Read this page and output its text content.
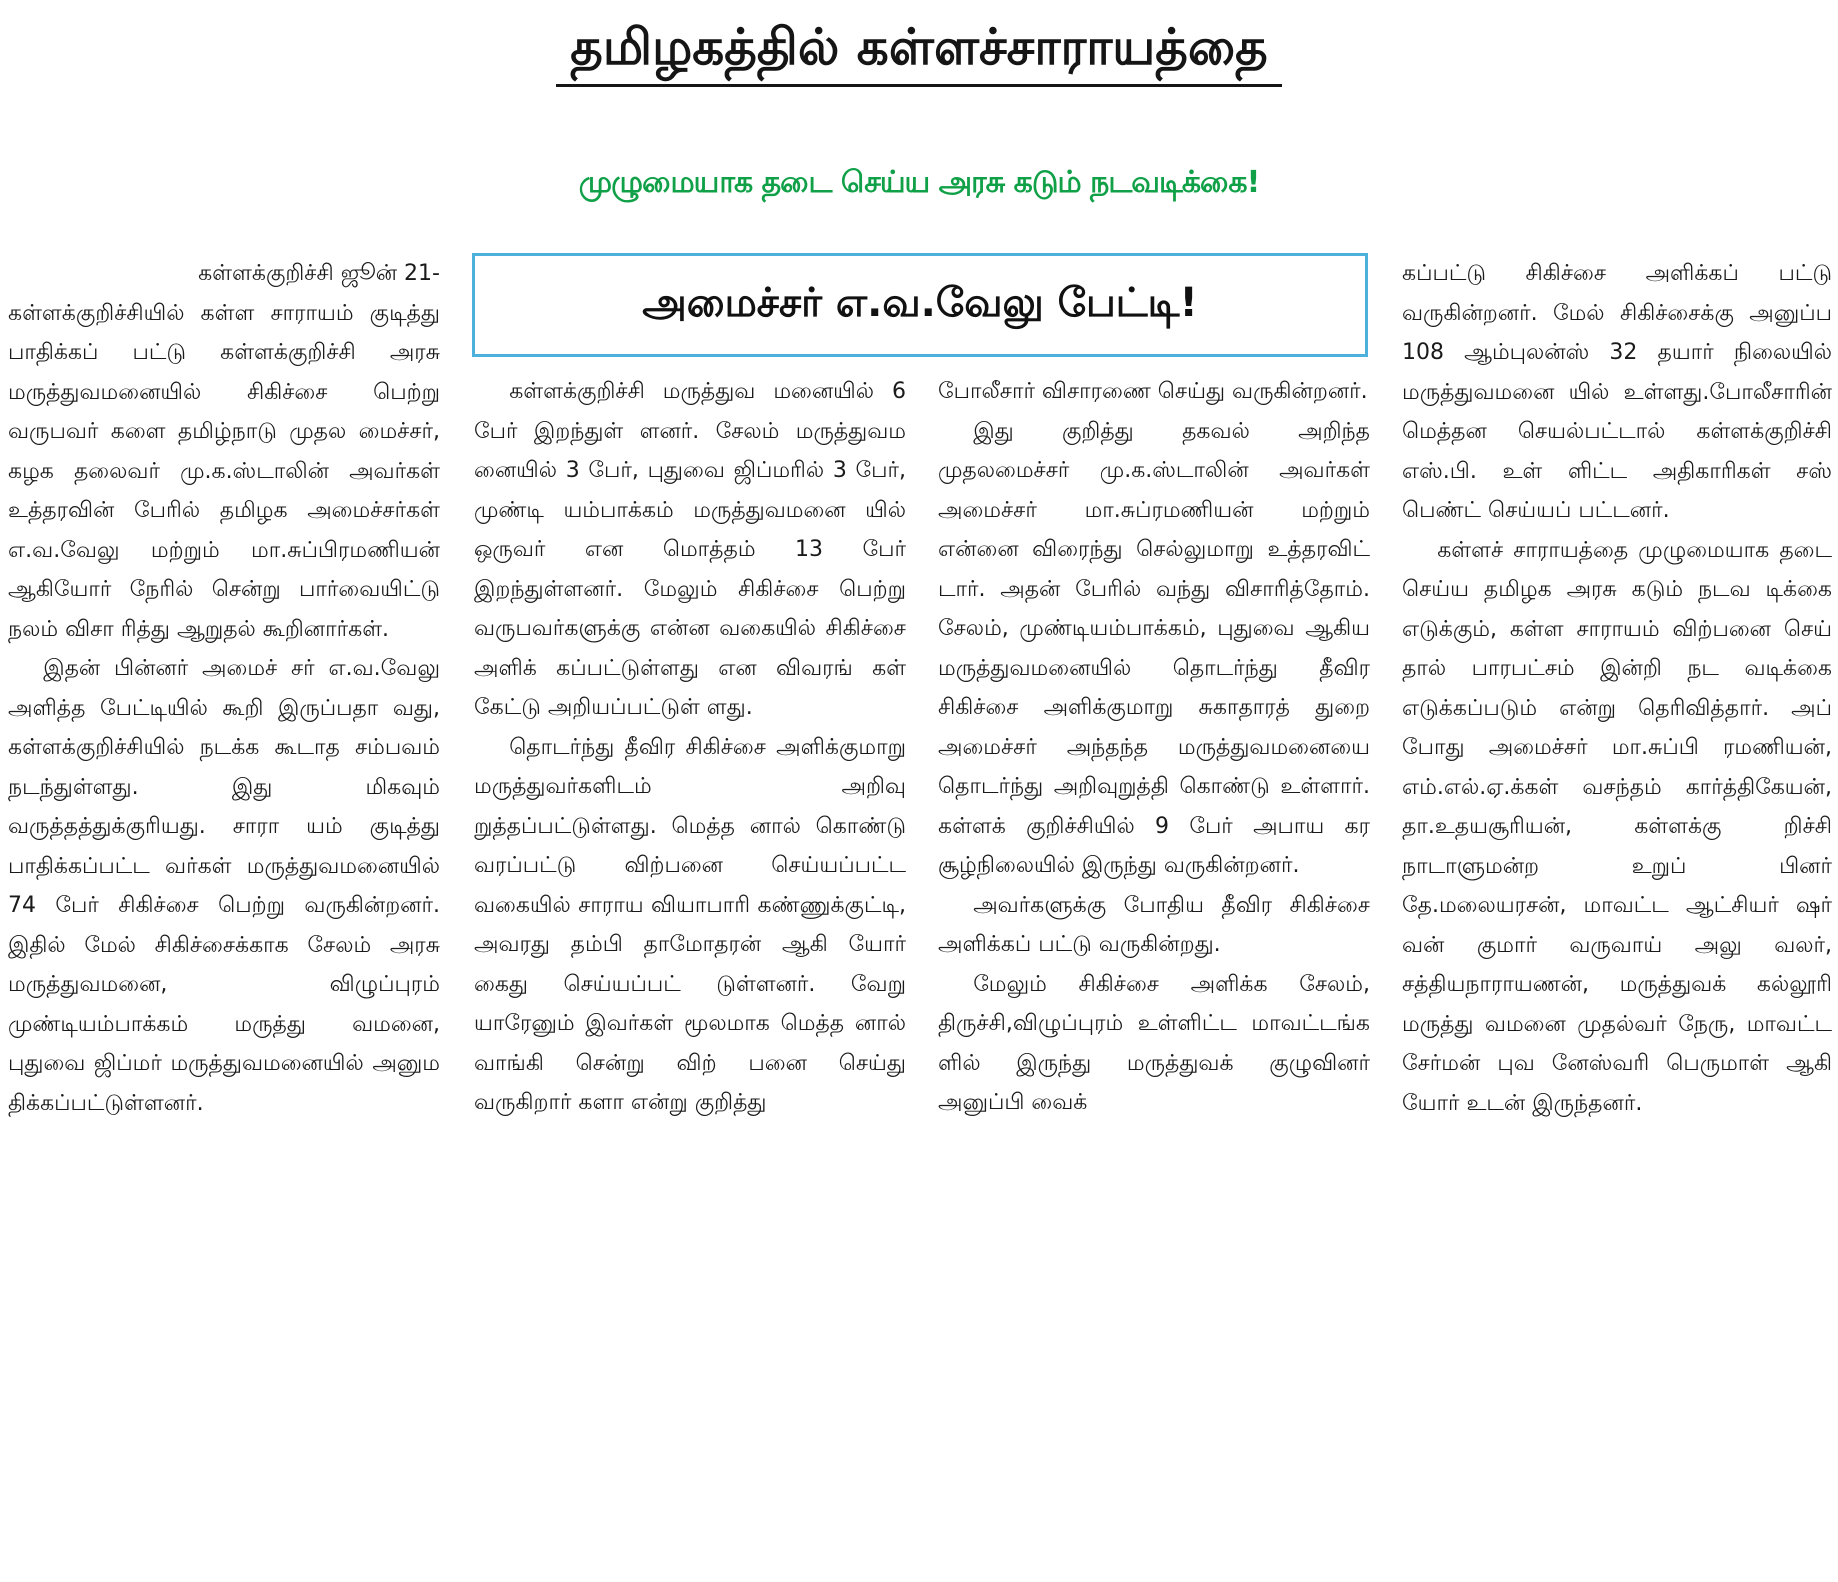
தமிழகத்தில் கள்ளச்சாராயத்தை
முழுமையாக தடை செய்ய அரசு கடும் நடவடிக்கை!
அமைச்சர் எ.வ.வேலு பேட்டி!
கள்ளக்குறிச்சி ஜூன் 21-

கள்ளக்குறிச்சியில் கள்ள சாராயம் குடித்து பாதிக்கப் பட்டு கள்ளக்குறிச்சி அரசு மருத்துவமனையில் சிகிச்சை பெற்று வருபவர் களை தமிழ்நாடு முதல மைச்சர், கழக தலைவர் மு.க.ஸ்டாலின் அவர்கள் உத்தரவின் பேரில் தமிழக அமைச்சர்கள் எ.வ.வேலு மற்றும் மா.சுப்பிரமணியன் ஆகியோர் நேரில் சென்று பார்வையிட்டு நலம் விசா ரித்து ஆறுதல் கூறினார்கள்.

இதன் பின்னர் அமைச் சர் எ.வ.வேலு அளித்த பேட்டியில் கூறி இருப்பதா வது, கள்ளக்குறிச்சியில் நடக்க கூடாத சம்பவம் நடந்துள்ளது. இது மிகவும் வருத்தத்துக்குரியது. சாரா யம் குடித்து பாதிக்கப்பட்ட வர்கள் மருத்துவமனையில் 74 பேர் சிகிச்சை பெற்று வருகின்றனர். இதில் மேல் சிகிச்சைக்காக சேலம் அரசு மருத்துவமனை, விழுப்புரம் முண்டியம்பாக்கம் மருத்து வமனை, புதுவை ஜிப்மர் மருத்துவமனையில் அனும திக்கப்பட்டுள்ளனர்.

கள்ளக்குறிச்சி மருத்துவ மனையில் 6 பேர் இறந்துள் ளனர். சேலம் மருத்துவம னையில் 3 பேர், புதுவை ஜிப்மரில் 3 பேர், முண்டி யம்பாக்கம் மருத்துவமனை யில் ஒருவர் என மொத்தம் 13 பேர் இறந்துள்ளனர். மேலும் சிகிச்சை பெற்று வருபவர்களுக்கு என்ன வகையில் சிகிச்சை அளிக் கப்பட்டுள்ளது என விவரங் கள் கேட்டு அறியப்பட்டுள் ளது.

தொடர்ந்து தீவிர சிகிச்சை அளிக்குமாறு மருத்துவர்களிடம் அறிவு றுத்தப்பட்டுள்ளது. மெத்த னால் கொண்டு வரப்பட்டு விற்பனை செய்யப்பட்ட வகையில் சாராய வியாபாரி கண்ணுக்குட்டி, அவரது தம்பி தாமோதரன் ஆகி யோர் கைது செய்யப்பட் டுள்ளனர். வேறு யாரேனும் இவர்கள் மூலமாக மெத்த னால் வாங்கி சென்று விற் பனை செய்து வருகிறார் களா என்று குறித்து

போலீசார் விசாரணை செய்து வருகின்றனர்.

இது குறித்து தகவல் அறிந்த முதலமைச்சர் மு.க.ஸ்டாலின் அவர்கள் அமைச்சர் மா.சுப்ரமணியன் மற்றும் என்னை விரைந்து செல்லுமாறு உத்தரவிட் டார். அதன் பேரில் வந்து விசாரித்தோம். சேலம், முண்டியம்பாக்கம், புதுவை ஆகிய மருத்துவமனையில் தொடர்ந்து தீவிர சிகிச்சை அளிக்குமாறு சுகாதாரத் துறை அமைச்சர் அந்தந்த மருத்துவமனையை தொடர்ந்து அறிவுறுத்தி கொண்டு உள்ளார். கள்ளக் குறிச்சியில் 9 பேர் அபாய கர சூழ்நிலையில் இருந்து வருகின்றனர்.

அவர்களுக்கு போதிய தீவிர சிகிச்சை அளிக்கப் பட்டு வருகின்றது.

மேலும் சிகிச்சை அளிக்க சேலம், திருச்சி,விழுப்புரம் உள்ளிட்ட மாவட்டங்க ளில் இருந்து மருத்துவக் குழுவினர் அனுப்பி வைக்

கப்பட்டு சிகிச்சை அளிக்கப் பட்டு வருகின்றனர். மேல் சிகிச்சைக்கு அனுப்ப 108 ஆம்புலன்ஸ் 32 தயார் நிலையில் மருத்துவமனை யில் உள்ளது.போலீசாரின் மெத்தன செயல்பட்டால் கள்ளக்குறிச்சி எஸ்.பி. உள் ளிட்ட அதிகாரிகள் சஸ் பெண்ட் செய்யப் பட்டனர்.

கள்ளச் சாராயத்தை முழுமையாக தடை செய்ய தமிழக அரசு கடும் நடவ டிக்கை எடுக்கும், கள்ள சாராயம் விற்பனை செய் தால் பாரபட்சம் இன்றி நட வடிக்கை எடுக்கப்படும் என்று தெரிவித்தார். அப் போது அமைச்சர் மா.சுப்பி ரமணியன், எம்.எல்.ஏ.க்கள் வசந்தம் கார்த்திகேயன், தா.உதயசூரியன், கள்ளக்கு றிச்சி நாடாளுமன்ற உறுப் பினர் தே.மலையரசன், மாவட்ட ஆட்சியர் ஷர் வன் குமார் வருவாய் அலு வலர், சத்தியநாராயணன், மருத்துவக் கல்லூரி மருத்து வமனை முதல்வர் நேரு, மாவட்ட சேர்மன் புவ னேஸ்வரி பெருமாள் ஆகி யோர் உடன் இருந்தனர்.
